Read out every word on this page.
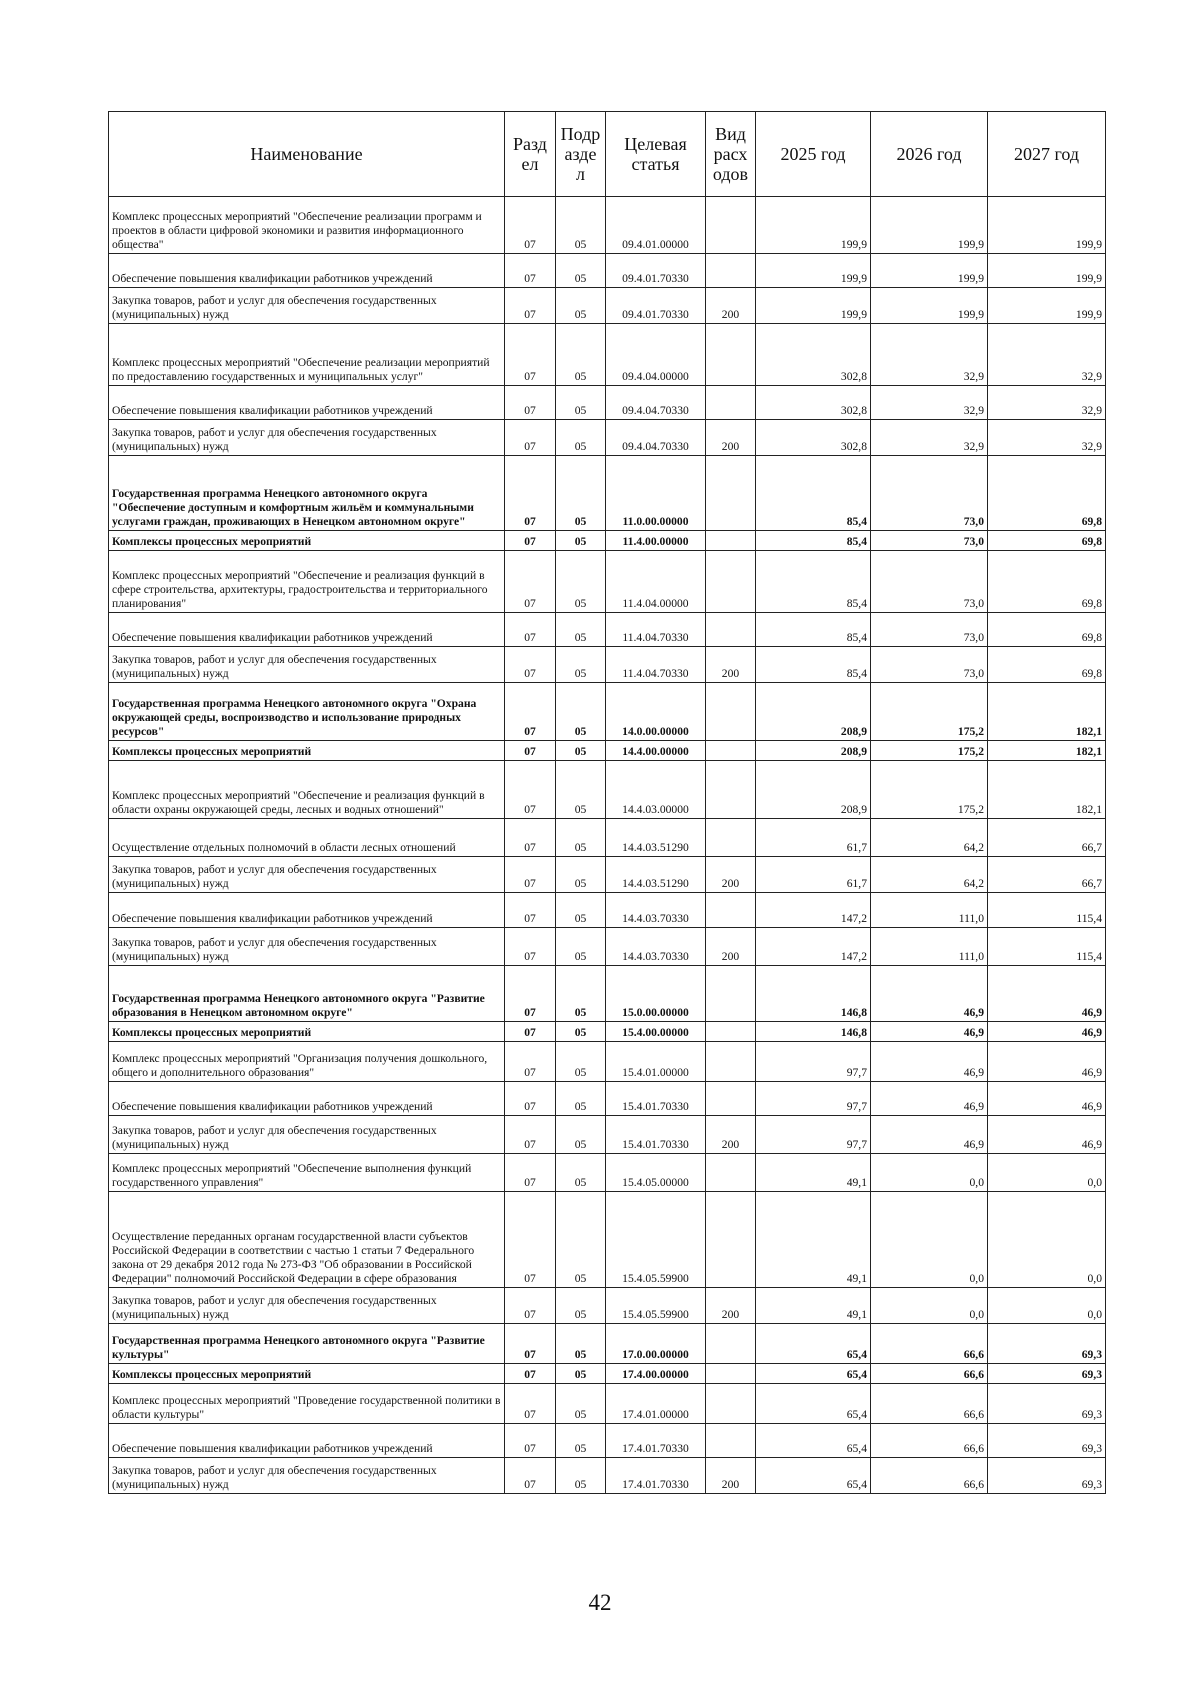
Наименование	Разд ел	Подр азде л	Целевая статья	Вид расх одов	2025 год	2026 год	2027 год
Комплекс процессных мероприятий "Обеспечение реализации программ и проектов в области цифровой экономики и развития информационного общества"	07	05	09.4.01.00000		199,9	199,9	199,9
Обеспечение повышения квалификации работников учреждений	07	05	09.4.01.70330		199,9	199,9	199,9
Закупка товаров, работ и услуг для обеспечения государственных (муниципальных) нужд	07	05	09.4.01.70330	200	199,9	199,9	199,9
Комплекс процессных мероприятий "Обеспечение реализации мероприятий по предоставлению государственных и муниципальных услуг"	07	05	09.4.04.00000		302,8	32,9	32,9
Обеспечение повышения квалификации работников учреждений	07	05	09.4.04.70330		302,8	32,9	32,9
Закупка товаров, работ и услуг для обеспечения государственных (муниципальных) нужд	07	05	09.4.04.70330	200	302,8	32,9	32,9
Государственная программа Ненецкого автономного округа "Обеспечение доступным и комфортным жильём и коммунальными услугами граждан, проживающих в Ненецком автономном округе"	07	05	11.0.00.00000		85,4	73,0	69,8
Комплексы процессных мероприятий	07	05	11.4.00.00000		85,4	73,0	69,8
Комплекс процессных мероприятий "Обеспечение и реализация функций в сфере строительства, архитектуры, градостроительства и территориального планирования"	07	05	11.4.04.00000		85,4	73,0	69,8
Обеспечение повышения квалификации работников учреждений	07	05	11.4.04.70330		85,4	73,0	69,8
Закупка товаров, работ и услуг для обеспечения государственных (муниципальных) нужд	07	05	11.4.04.70330	200	85,4	73,0	69,8
Государственная программа Ненецкого автономного округа "Охрана окружающей среды, воспроизводство и использование природных ресурсов"	07	05	14.0.00.00000		208,9	175,2	182,1
Комплексы процессных мероприятий	07	05	14.4.00.00000		208,9	175,2	182,1
Комплекс процессных мероприятий "Обеспечение и реализация функций в области охраны окружающей среды, лесных и водных отношений"	07	05	14.4.03.00000		208,9	175,2	182,1
Осуществление отдельных полномочий в области лесных отношений	07	05	14.4.03.51290		61,7	64,2	66,7
Закупка товаров, работ и услуг для обеспечения государственных (муниципальных) нужд	07	05	14.4.03.51290	200	61,7	64,2	66,7
Обеспечение повышения квалификации работников учреждений	07	05	14.4.03.70330		147,2	111,0	115,4
Закупка товаров, работ и услуг для обеспечения государственных (муниципальных) нужд	07	05	14.4.03.70330	200	147,2	111,0	115,4
Государственная программа Ненецкого автономного округа "Развитие образования в Ненецком автономном округе"	07	05	15.0.00.00000		146,8	46,9	46,9
Комплексы процессных мероприятий	07	05	15.4.00.00000		146,8	46,9	46,9
Комплекс процессных мероприятий "Организация получения дошкольного, общего и дополнительного образования"	07	05	15.4.01.00000		97,7	46,9	46,9
Обеспечение повышения квалификации работников учреждений	07	05	15.4.01.70330		97,7	46,9	46,9
Закупка товаров, работ и услуг для обеспечения государственных (муниципальных) нужд	07	05	15.4.01.70330	200	97,7	46,9	46,9
Комплекс процессных мероприятий "Обеспечение выполнения функций государственного управления"	07	05	15.4.05.00000		49,1	0,0	0,0
Осуществление переданных органам государственной власти субъектов Российской Федерации в соответствии с частью 1 статьи 7 Федерального закона от 29 декабря 2012 года № 273-ФЗ "Об образовании в Российской Федерации" полномочий Российской Федерации в сфере образования	07	05	15.4.05.59900		49,1	0,0	0,0
Закупка товаров, работ и услуг для обеспечения государственных (муниципальных) нужд	07	05	15.4.05.59900	200	49,1	0,0	0,0
Государственная программа Ненецкого автономного округа "Развитие культуры"	07	05	17.0.00.00000		65,4	66,6	69,3
Комплексы процессных мероприятий	07	05	17.4.00.00000		65,4	66,6	69,3
Комплекс процессных мероприятий "Проведение государственной политики в области культуры"	07	05	17.4.01.00000		65,4	66,6	69,3
Обеспечение повышения квалификации работников учреждений	07	05	17.4.01.70330		65,4	66,6	69,3
Закупка товаров, работ и услуг для обеспечения государственных (муниципальных) нужд	07	05	17.4.01.70330	200	65,4	66,6	69,3
42
